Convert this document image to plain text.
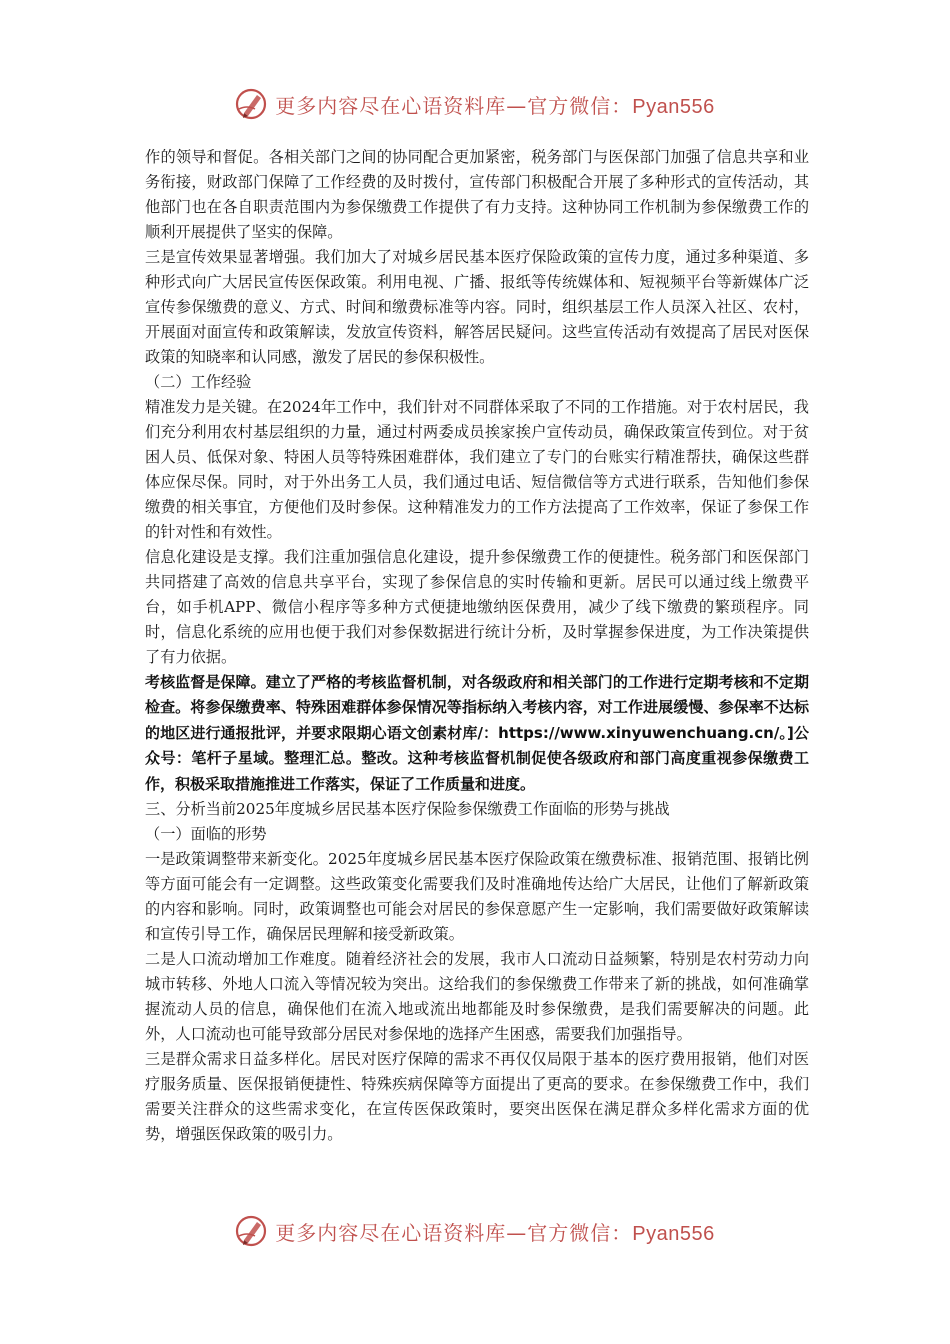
更多内容尽在心语资料库—官方微信：Pyan556

作的领导和督促。各相关部门之间的协同配合更加紧密，税务部门与医保部门加强了信息共享和业务衔接，财政部门保障了工作经费的及时拨付，宣传部门积极配合开展了多种形式的宣传活动，其他部门也在各自职责范围内为参保缴费工作提供了有力支持。这种协同工作机制为参保缴费工作的顺利开展提供了坚实的保障。

三是宣传效果显著增强。我们加大了对城乡居民基本医疗保险政策的宣传力度，通过多种渠道、多种形式向广大居民宣传医保政策。利用电视、广播、报纸等传统媒体和、短视频平台等新媒体广泛宣传参保缴费的意义、方式、时间和缴费标准等内容。同时，组织基层工作人员深入社区、农村，开展面对面宣传和政策解读，发放宣传资料，解答居民疑问。这些宣传活动有效提高了居民对医保政策的知晓率和认同感，激发了居民的参保积极性。

（二）工作经验

精准发力是关键。在2024年工作中，我们针对不同群体采取了不同的工作措施。对于农村居民，我们充分利用农村基层组织的力量，通过村两委成员挨家挨户宣传动员，确保政策宣传到位。对于贫困人员、低保对象、特困人员等特殊困难群体，我们建立了专门的台账实行精准帮扶，确保这些群体应保尽保。同时，对于外出务工人员，我们通过电话、短信微信等方式进行联系，告知他们参保缴费的相关事宜，方便他们及时参保。这种精准发力的工作方法提高了工作效率，保证了参保工作的针对性和有效性。

信息化建设是支撑。我们注重加强信息化建设，提升参保缴费工作的便捷性。税务部门和医保部门共同搭建了高效的信息共享平台，实现了参保信息的实时传输和更新。居民可以通过线上缴费平台，如手机APP、微信小程序等多种方式便捷地缴纳医保费用，减少了线下缴费的繁琐程序。同时，信息化系统的应用也便于我们对参保数据进行统计分析，及时掌握参保进度，为工作决策提供了有力依据。

考核监督是保障。建立了严格的考核监督机制，对各级政府和相关部门的工作进行定期考核和不定期检查。将参保缴费率、特殊困难群体参保情况等指标纳入考核内容，对工作进展缓慢、参保率不达标的地区进行通报批评，并要求限期心语文创素材库/：https://www.xinyuwenchuang.cn/。]公众号：笔杆子星域。整理汇总。整改。这种考核监督机制促使各级政府和部门高度重视参保缴费工作，积极采取措施推进工作落实，保证了工作质量和进度。

三、分析当前2025年度城乡居民基本医疗保险参保缴费工作面临的形势与挑战

（一）面临的形势

一是政策调整带来新变化。2025年度城乡居民基本医疗保险政策在缴费标准、报销范围、报销比例等方面可能会有一定调整。这些政策变化需要我们及时准确地传达给广大居民，让他们了解新政策的内容和影响。同时，政策调整也可能会对居民的参保意愿产生一定影响，我们需要做好政策解读和宣传引导工作，确保居民理解和接受新政策。

二是人口流动增加工作难度。随着经济社会的发展，我市人口流动日益频繁，特别是农村劳动力向城市转移、外地人口流入等情况较为突出。这给我们的参保缴费工作带来了新的挑战，如何准确掌握流动人员的信息，确保他们在流入地或流出地都能及时参保缴费，是我们需要解决的问题。此外，人口流动也可能导致部分居民对参保地的选择产生困惑，需要我们加强指导。

三是群众需求日益多样化。居民对医疗保障的需求不再仅仅局限于基本的医疗费用报销，他们对医疗服务质量、医保报销便捷性、特殊疾病保障等方面提出了更高的要求。在参保缴费工作中，我们需要关注群众的这些需求变化，在宣传医保政策时，要突出医保在满足群众多样化需求方面的优势，增强医保政策的吸引力。

更多内容尽在心语资料库—官方微信：Pyan556
